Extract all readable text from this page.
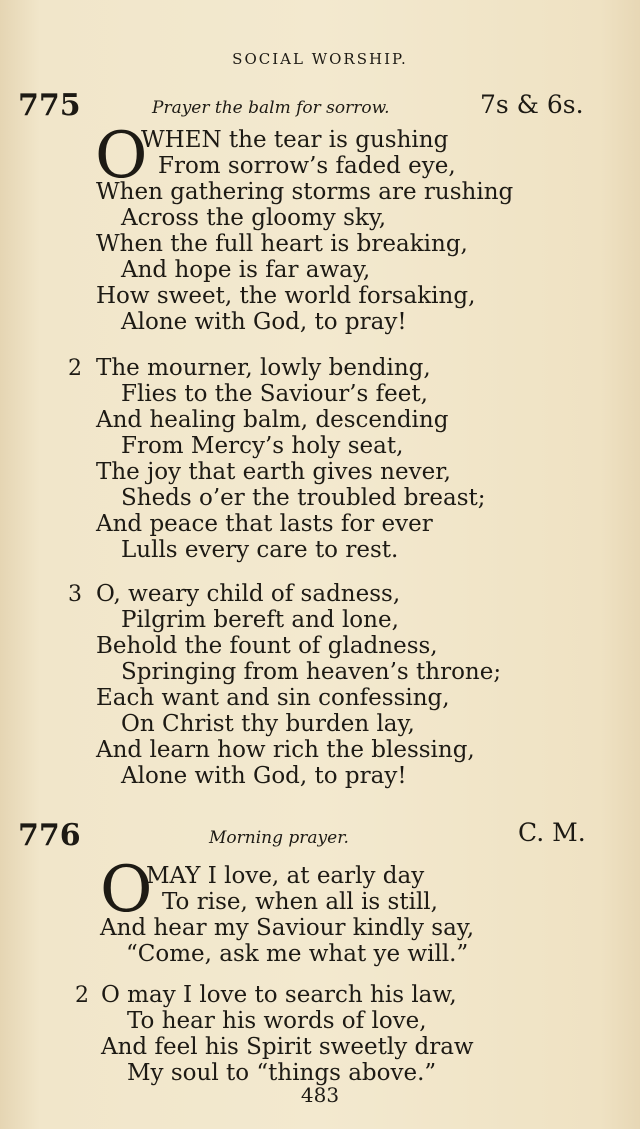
SOCIAL WORSHIP.
775	Prayer the balm for sorrow.	7s & 6s.
O
WHEN the tear is gushing
From sorrow’s faded eye,
When gathering storms are rushing
Across the gloomy sky,
When the full heart is breaking,
And hope is far away,
How sweet, the world forsaking,
Alone with God, to pray!
2 The mourner, lowly bending,
Flies to the Saviour’s feet,
And healing balm, descending
From Mercy’s holy seat,
The joy that earth gives never,
Sheds o’er the troubled breast;
And peace that lasts for ever
Lulls every care to rest.
3 O, weary child of sadness,
Pilgrim bereft and lone,
Behold the fount of gladness,
Springing from heaven’s throne;
Each want and sin confessing,
On Christ thy burden lay,
And learn how rich the blessing,
Alone with God, to pray!
776	Morning prayer.	C. M.
O
MAY I love, at early day
To rise, when all is still,
And hear my Saviour kindly say,
“Come, ask me what ye will.”
2 O may I love to search his law,
To hear his words of love,
And feel his Spirit sweetly draw
My soul to “things above.”
483
